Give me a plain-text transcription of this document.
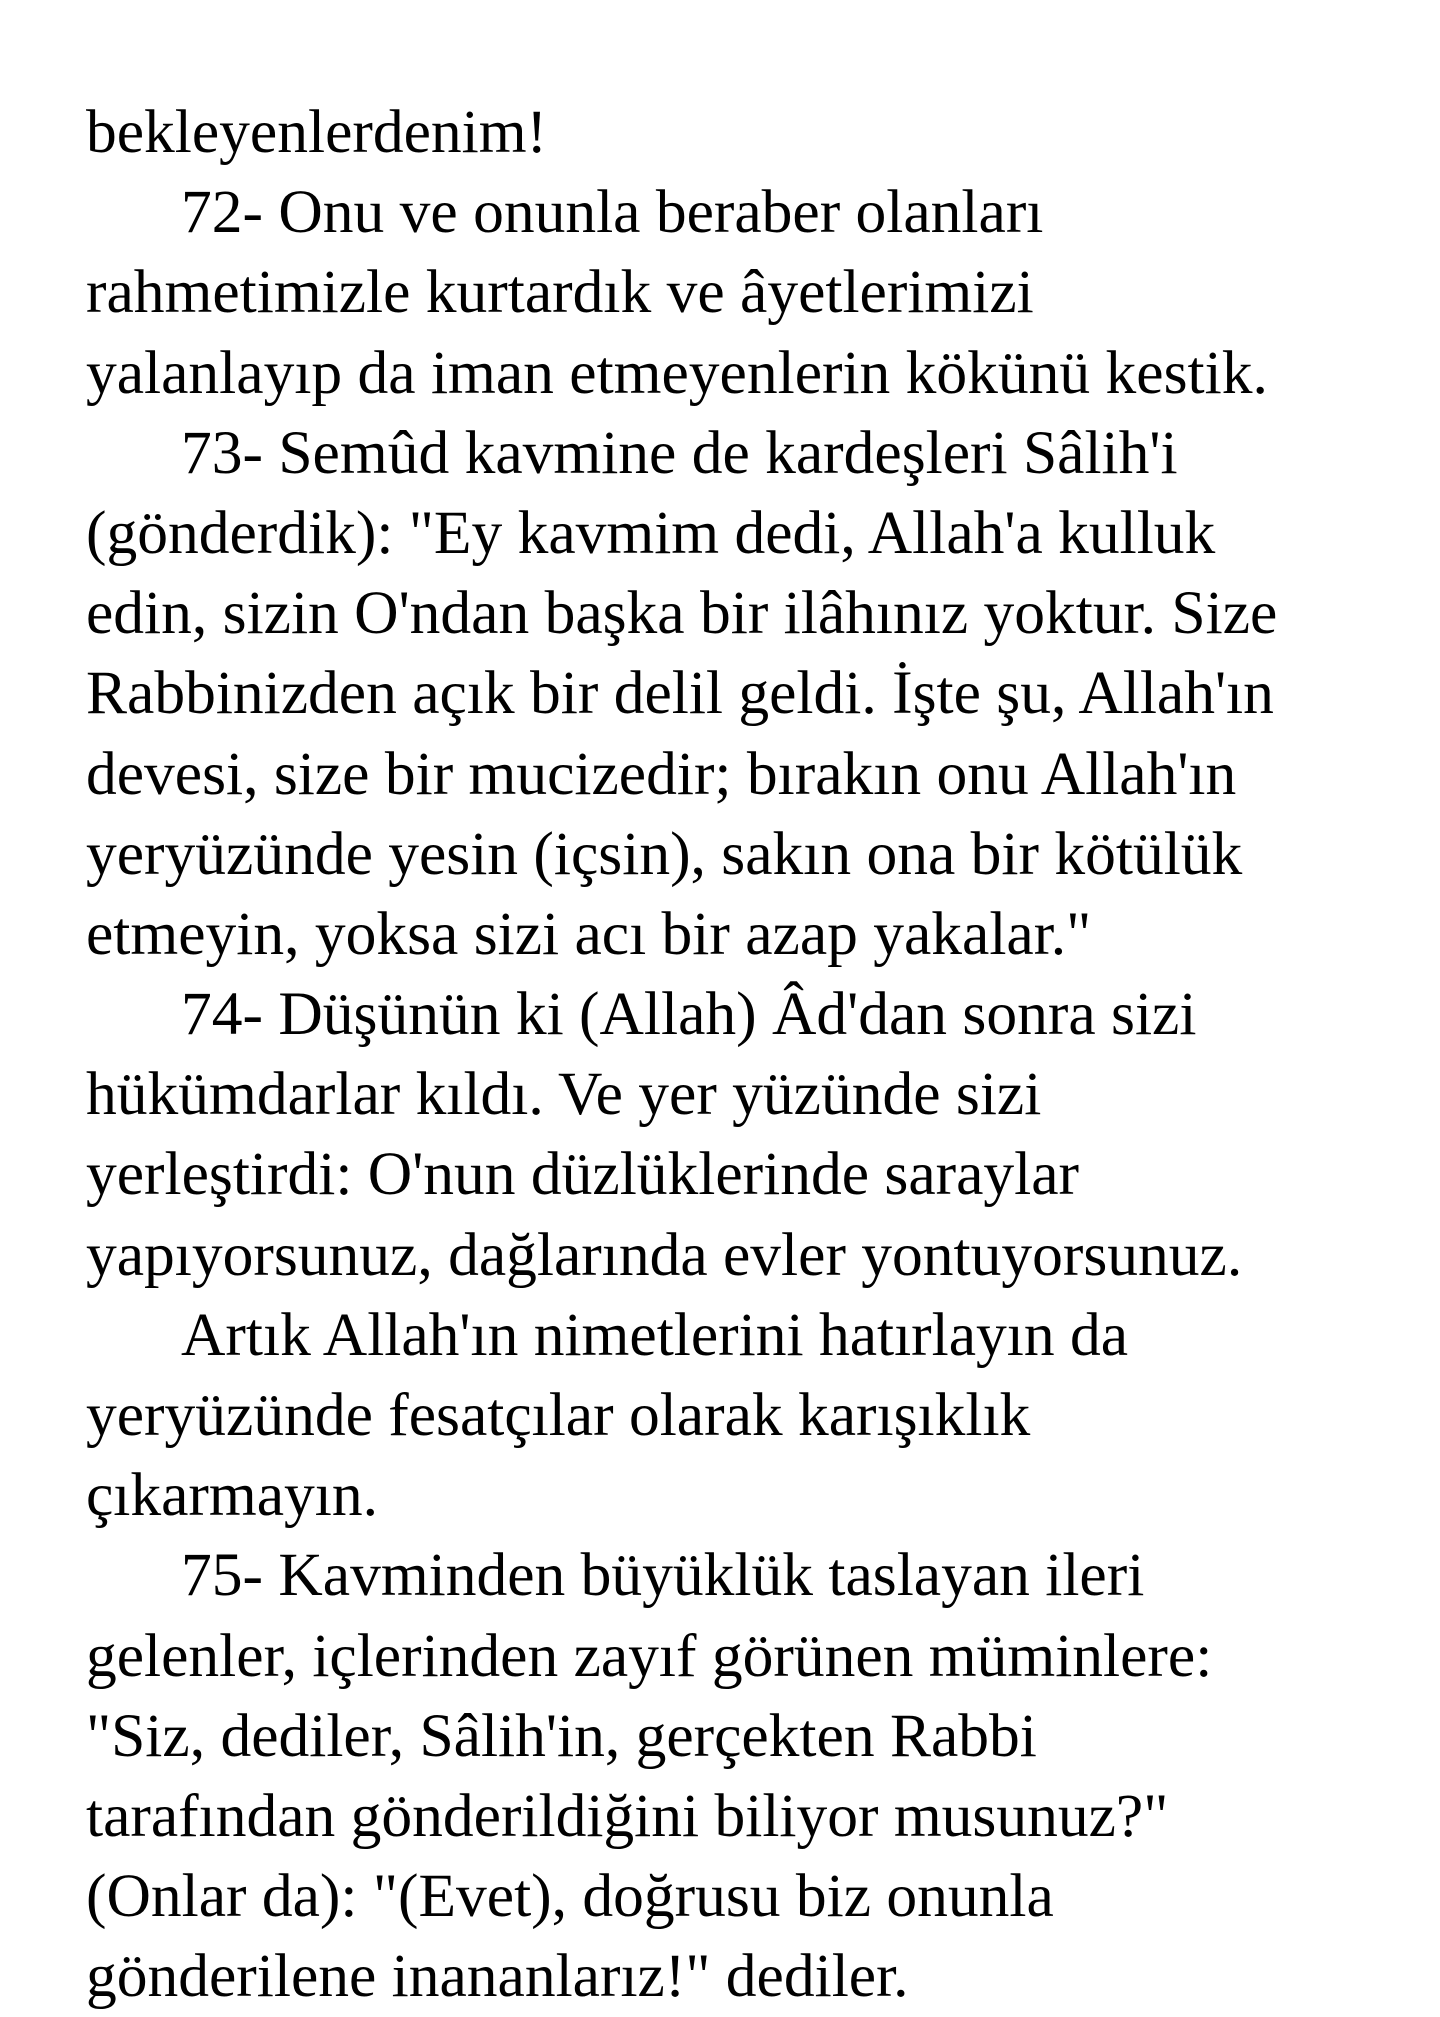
bekleyenlerdenim!
72- Onu ve onunla beraber olanları
rahmetimizle kurtardık ve âyetlerimizi
yalanlayıp da iman etmeyenlerin kökünü kestik.
73- Semûd kavmine de kardeşleri Sâlih'i
(gönderdik): "Ey kavmim dedi, Allah'a kulluk
edin, sizin O'ndan başka bir ilâhınız yoktur. Size
Rabbinizden açık bir delil geldi. İşte şu, Allah'ın
devesi, size bir mucizedir; bırakın onu Allah'ın
yeryüzünde yesin (içsin), sakın ona bir kötülük
etmeyin, yoksa sizi acı bir azap yakalar."
74- Düşünün ki (Allah) Âd'dan sonra sizi
hükümdarlar kıldı. Ve yer yüzünde sizi
yerleştirdi: O'nun düzlüklerinde saraylar
yapıyorsunuz, dağlarında evler yontuyorsunuz.
Artık Allah'ın nimetlerini hatırlayın da
yeryüzünde fesatçılar olarak karışıklık
çıkarmayın.
75- Kavminden büyüklük taslayan ileri
gelenler, içlerinden zayıf görünen müminlere:
"Siz, dediler, Sâlih'in, gerçekten Rabbi
tarafından gönderildiğini biliyor musunuz?"
(Onlar da): "(Evet), doğrusu biz onunla
gönderilene inananlarız!" dediler.
